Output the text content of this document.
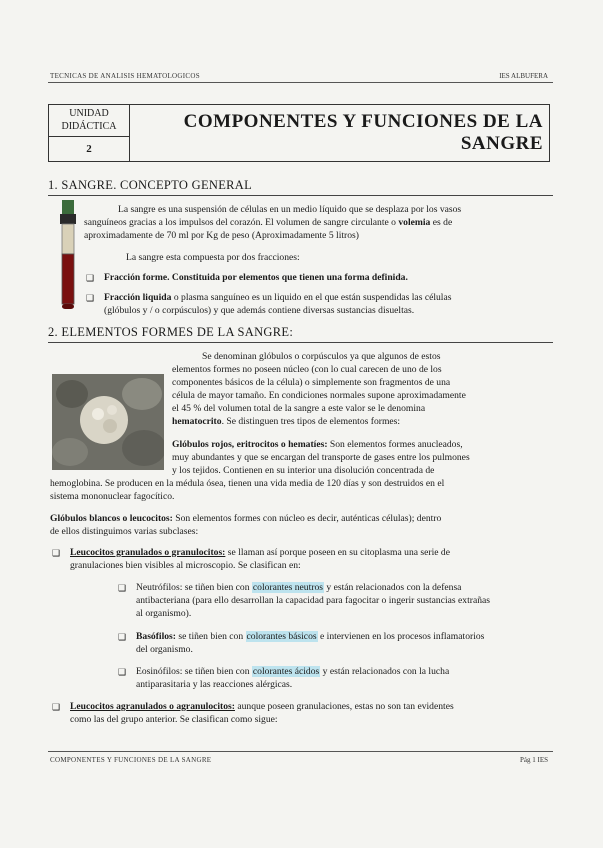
TECNICAS DE ANALISIS HEMATOLOGICOS	IES ALBUFERA
UNIDAD
DIDÁCTICA
2
COMPONENTES Y FUNCIONES DE LA
SANGRE
1. SANGRE. CONCEPTO GENERAL
La sangre es una suspensión de células en un medio líquido que se desplaza por los vasos
sanguíneos gracias a los impulsos del corazón. El volumen de sangre circulante o volemia es de
aproximadamente de 70 ml por Kg de peso (Aproximadamente 5 litros)
La sangre esta compuesta por dos fracciones:
❑ Fracción forme. Constituida por elementos que tienen una forma definida.
❑ Fracción liquida o plasma sanguíneo es un liquido en el que están suspendidas las células
(glóbulos y / o corpúsculos) y que además contiene diversas sustancias disueltas.
2. ELEMENTOS FORMES DE LA SANGRE:
Se denominan glóbulos o corpúsculos ya que algunos de estos
elementos formes no poseen núcleo (con lo cual carecen de uno de los
componentes básicos de la célula) o simplemente son fragmentos de una
célula de mayor tamaño. En condiciones normales supone aproximadamente
el 45 % del volumen total de la sangre a este valor se le denomina
hematocrito. Se distinguen tres tipos de elementos formes:
Glóbulos rojos, eritrocitos o hematíes: Son elementos formes anucleados,
muy abundantes y que se encargan del transporte de gases entre los pulmones
y los tejidos. Contienen en su interior una disolución concentrada de
hemoglobina. Se producen en la médula ósea, tienen una vida media de 120 días y son destruidos en el
sistema mononuclear fagocítico.
Glóbulos blancos o leucocitos: Son elementos formes con núcleo es decir, auténticas células); dentro
de ellos distinguimos varias subclases:
❑ Leucocitos granulados o granulocitos: se llaman así porque poseen en su citoplasma una serie de
granulaciones bien visibles al microscopio. Se clasifican en:
❑ Neutrófilos: se tiñen bien con colorantes neutros y están relacionados con la defensa
antibacteriana (para ello desarrollan la capacidad para fagocitar o ingerir sustancias extrañas
al organismo).
❑ Basófilos: se tiñen bien con colorantes básicos e intervienen en los procesos inflamatorios
del organismo.
❑ Eosinófilos: se tiñen bien con colorantes ácidos y están relacionados con la lucha
antiparasitaria y las reacciones alérgicas.
❑ Leucocitos agranulados o agranulocitos: aunque poseen granulaciones, estas no son tan evidentes
como las del grupo anterior. Se clasifican como sigue:
COMPONENTES Y FUNCIONES DE LA SANGRE	Pág 1 IES
